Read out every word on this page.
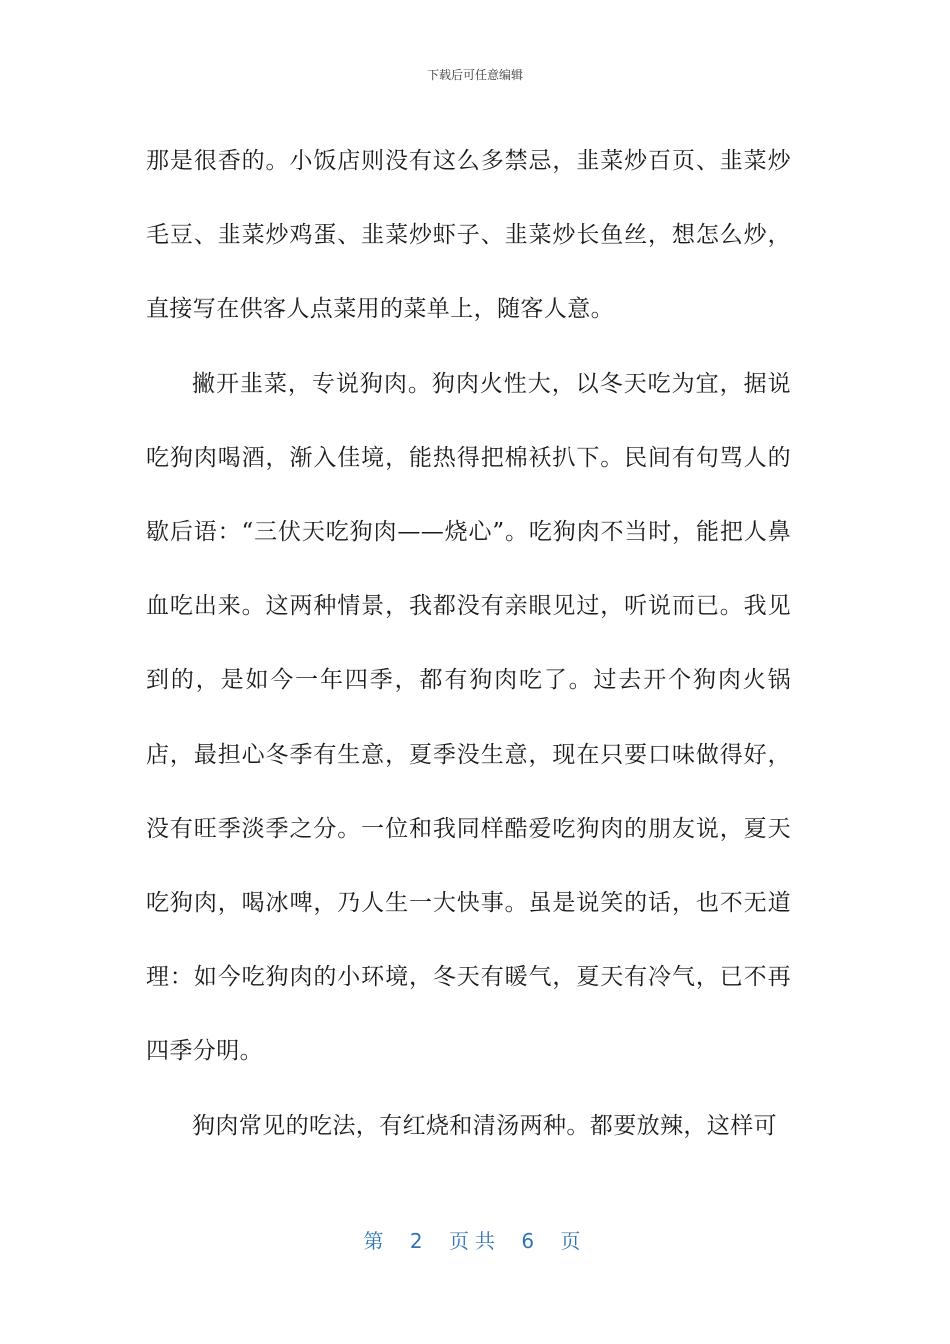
下载后可任意编辑

那是很香的。小饭店则没有这么多禁忌，韭菜炒百页、韭菜炒毛豆、韭菜炒鸡蛋、韭菜炒虾子、韭菜炒长鱼丝，想怎么炒，直接写在供客人点菜用的菜单上，随客人意。

撇开韭菜，专说狗肉。狗肉火性大，以冬天吃为宜，据说吃狗肉喝酒，渐入佳境，能热得把棉袄扒下。民间有句骂人的歇后语：“三伏天吃狗肉——烧心”。吃狗肉不当时，能把人鼻血吃出来。这两种情景，我都没有亲眼见过，听说而已。我见到的，是如今一年四季，都有狗肉吃了。过去开个狗肉火锅店，最担心冬季有生意，夏季没生意，现在只要口味做得好，没有旺季淡季之分。一位和我同样酷爱吃狗肉的朋友说，夏天吃狗肉，喝冰啤，乃人生一大快事。虽是说笑的话，也不无道理：如今吃狗肉的小环境，冬天有暖气，夏天有冷气，已不再四季分明。

狗肉常见的吃法，有红烧和清汤两种。都要放辣，这样可

第 2 页共 6 页
